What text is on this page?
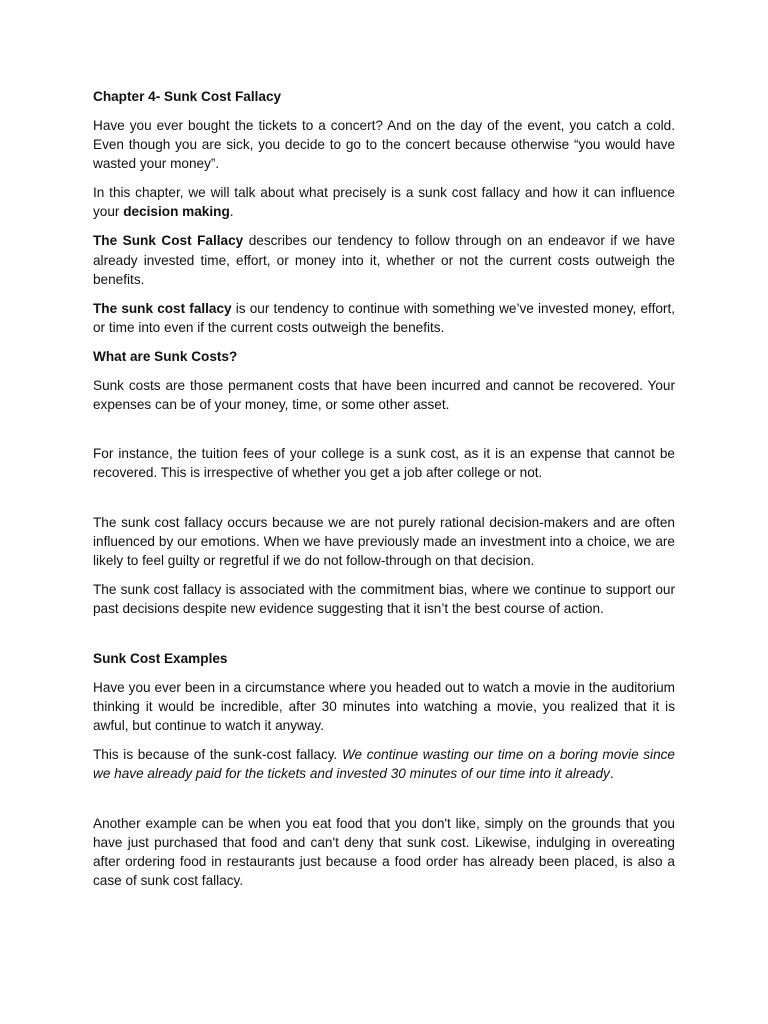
Chapter 4- Sunk Cost Fallacy

Have you ever bought the tickets to a concert? And on the day of the event, you catch a cold. Even though you are sick, you decide to go to the concert because otherwise “you would have wasted your money”.

In this chapter, we will talk about what precisely is a sunk cost fallacy and how it can influence your decision making.

The Sunk Cost Fallacy describes our tendency to follow through on an endeavor if we have already invested time, effort, or money into it, whether or not the current costs outweigh the benefits.

The sunk cost fallacy is our tendency to continue with something we’ve invested money, effort, or time into even if the current costs outweigh the benefits.

What are Sunk Costs?

Sunk costs are those permanent costs that have been incurred and cannot be recovered. Your expenses can be of your money, time, or some other asset.

For instance, the tuition fees of your college is a sunk cost, as it is an expense that cannot be recovered. This is irrespective of whether you get a job after college or not.

The sunk cost fallacy occurs because we are not purely rational decision-makers and are often influenced by our emotions. When we have previously made an investment into a choice, we are likely to feel guilty or regretful if we do not follow-through on that decision.

The sunk cost fallacy is associated with the commitment bias, where we continue to support our past decisions despite new evidence suggesting that it isn’t the best course of action.

Sunk Cost Examples

Have you ever been in a circumstance where you headed out to watch a movie in the auditorium thinking it would be incredible, after 30 minutes into watching a movie, you realized that it is awful, but continue to watch it anyway.

This is because of the sunk-cost fallacy. We continue wasting our time on a boring movie since we have already paid for the tickets and invested 30 minutes of our time into it already.

Another example can be when you eat food that you don't like, simply on the grounds that you have just purchased that food and can't deny that sunk cost. Likewise, indulging in overeating after ordering food in restaurants just because a food order has already been placed, is also a case of sunk cost fallacy.
